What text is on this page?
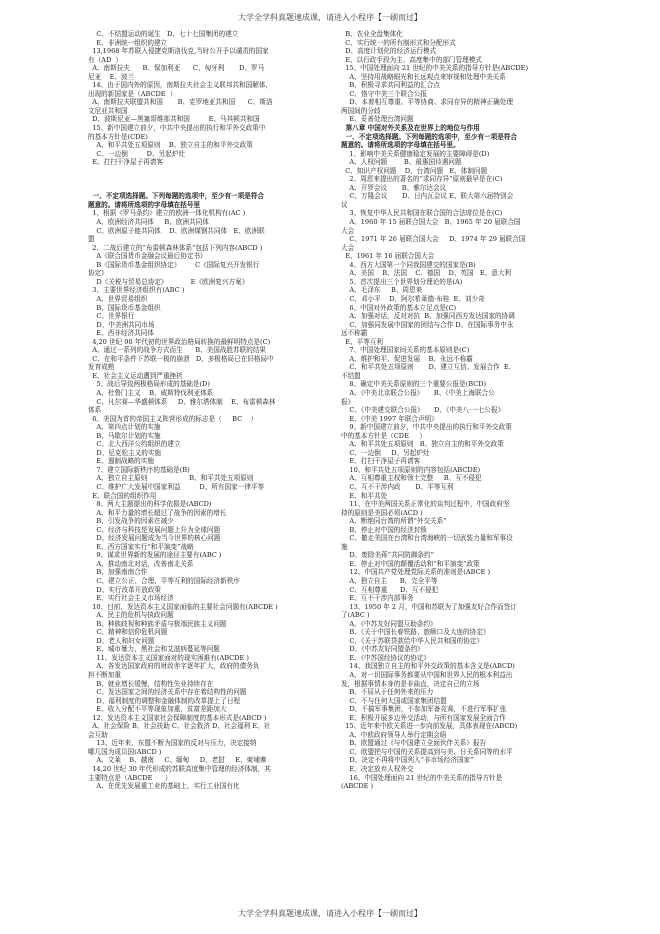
大学全学科真题速成课，请进入小程序【一刷而过】
C、不结盟运动的诞生   D、七十七国集团的建立
E、非洲统一组织的建立
13,1968 年苏联入侵捷克斯洛伐克,当时公开予以谴责的国家
有（AD  ）
A、南斯拉夫      B、保加利亚      C、匈牙利       D、罗马
尼亚    E、波兰
14、由于国内外的原因，南斯拉夫社会主义联邦共和国解体，
出现的新国家是（ABCDE  ）
A、南斯拉夫联盟共和国       B、克罗地亚共和国      C、斯洛
文尼亚共和国
D、波斯尼亚—黑塞哥维那共和国         E、马其顿共和国
15、新中国建立前夕，中共中央提出的执行和平外交政策中
的基本方针是(CDE)
A、和平共处五项原则    B、独立自主的和平外交政策
C、一边倒         D、另起炉灶
E、打扫干净屋子再请客
一、不定项选择题。下列每题的选项中，至少有一项是符合
题意的。请将所选项的字母填在括号里
1、根据《罗马条约》建立的欧洲一体化机构有(AC )
A、欧洲经济共同体     B、欧洲共同体
C、欧洲原子能共同体    D、欧洲煤钢共同体   E、欧洲联
盟
2、二战后建立的“布雷顿森林体系”包括下列内容(ABCD )
A《联合国货币金融会议最后协定书》
B《国际货币基金组织协定》       C《国际复兴开发银行
协定》
D《关税与贸易总协定》           E《欧洲复兴方案》
3、主要世界经济组织有(ABC )
A、世界贸易组织
B、国际货币基金组织
C、世界银行
D、中美洲共同市场
E、西非经济共同体
4,20 世纪 90 年代初的世界政治格局转换的最鲜明特点是(C)
A、通过一系列的战争方式而生      B、美国战胜苏联的结果
C、在和平条件下苏联一极的崩溃   D、多极格局已在旧格局中
发育成熟
E、社会主义运动遭到严重挫折
5、战后导致两极格局形成的基础是(D)
A、杜鲁门主义    B、威斯特伐利亚体系
C、凡尔赛—华盛顿体系     D、雅尔塔体制    E、布雷顿森林
体系
6、美国为首的帝国主义阵营形成的标志是（     BC    ）
A、第四点计划的实施
B、马歇尔计划的实施
C、北大西洋公约组织的建立
D、尼克松主义的实施
E、遏制战略的实施
7、建立国际新秩序的基础是(B)
A、独立自主原则                    B、和平共处五项原则
C、维护广大发展中国家利益         D、所有国家一律平等
E、联合国的组织作用
8、两大主题提出的科学依据是(ABCD)
A、和平力量的增长超过了战争的因素的增长
B、引发战争的因素在减少
C、经济与科技是发展问题上升为全球问题
D、经济发展问题成为当今世界的核心问题
E、西方国家实行“和平演变”战略
9、谋求世界新的发展的途径主要有(ABC )
A、推动南北对话，改善南北关系
B、加强南南合作
C、建立公正、合理、平等互利的国际经济新秩序
D、实行改革开放政策
E、实行社会主义市场经济
10、目前，发达资本主义国家面临的主要社会问题有(ABCDE )
A、民主的危机与执政问题
B、种族歧视和种族矛盾与极端民族主义问题
C、精神和信仰危机问题
D、老人和妇女问题
E、城市暴力、黑社会和艾滋病蔓延等问题
11、发达资本主义国家面对的现实困难有(ABCDE )
A、各发达国家政府的财政赤字逐年扩大，政府的债务负
担不断加重
B、就业增长缓慢，结构性失业持续存在
C、发达国家之间的经济关系中存在着结构性的问题
D、福利制度的调整和金融体制的改革提上了日程
E、收入分配不平等现象加重，贫富差距加大
12、发达资本主义国家社会保障制度的基本形式是(ABCD )
A、社会保险 B、社会扶助 C、社会救济 D、社会福利 E、社
会互助
13、近年来，东盟不断为国家的反对与压力，决定接纳
哪几国为成员国(ABCD )
A、文莱    B、越南     C、缅甸     D、老挝     E、柬埔寨
14,20 世纪 30 年代形成的苏联高度集中管理的经济体制，其
主要特点是（ABCDE      ）
A、在优先发展重工业的基础上，实行工业国有化
B、农业全盘集体化
C、实行统一的所有制形式和分配形式
D、高度计划化的经济运行模式
E、以行政手段为主、高度集中的部门管理模式
15、中国处理面向 21 世纪的中美关系的指导方针是(ABCDE)
A、坚持用战略眼光和长远观点来审视和处理中美关系
B、积极寻求共同利益的汇合点
C、恪守中美三个联合公报
D、本着相互尊重、平等协商、求同存异的精神正确处理
两国间的分歧
E、妥善处理台湾问题
第八章 中国对外关系及在世界上的地位与作用
一、不定项选择题。下列每题的选项中，至少有一项是符合
题意的。请将所选项的字母填在括号里。
1、影响中美关系健康稳定发展的主要障碍是(D)
A、人权问题        B、最惠国待遇问题
C、知识产权问题    D、台湾问题   E、体制问题
2、周恩来提出的著名的“求同存异”原则最早是在(C)
A、开罗会议       B、雅尔达会议
C、万隆会议       D、日内瓦会议 E、联大第六届特别会
议
3、恢复中华人民共和国在联合国的合法席位是在(C)
A、1960 年 15 届联合国大会   B、1965 年 20 届联合国
大会
C、1971 年 26 届联合国大会     D、1974 年 29 届联合国
大会
E、1961 年 16 届联合国大会
4、西方大国第一个同我国建交的国家是(B)
A、美国    B、法国    C、德国    D、英国   E、意大利
5、首次提出三个世界划分理论的是(A)
A、毛泽东     B、周恩来
C、邓小平    D、阿尔希莱德·布桂  E、刘少奇
6、中国对外政策的基本立足点是(C)
A、加强对话，反对对抗  B、加强同西方发达国家的协调
C、加强同发展中国家的团结与合作 D、在国际事务中永
远不称霸
E、平等互利
7、中国处理国家间关系的基本原则是(C)
A、维护和平、促进发展    B、永远不称霸
C、和平共处五项原则       D、建立互信、发展合作  E、
不结盟
8、确定中美关系原则的三个重要公报是(BCD)
A、《中美北京联合公报》     B、《中美上海联合公
报》
C、《中美建交联合公报》     D、《中美八·一七公报》
E、《中美 1997 年联合声明》
9、新中国建立前夕，中共中央提出的执行和平外交政策
中的基本方针是（CDE     ）
A、和平共处五项原则   B、独立自主的和平外交政策
C、一边倒     D、另起炉灶
E、打扫干净屋子再请客
10、和平共处五项原则的内容包括(ABCDE)
A、互相尊重主权和领土完整     B、互不侵犯
C、互不干涉内政       D、平等互利
E、和平共处
11、在中美两国关系正常化的谈判过程中，中国政府坚
持的原则是美国必须(ACD )
A、断绝同台湾的所谓“外交关系”
B、停止对中国的经济封锁
C、撤走美国在台湾和台湾海峡的一切武装力量和军事设
施
D、废除美蒋“共同防御条约”
E、停止对中国的颠覆活动和“和平演变”政策
12、中国共产党处理党际关系的准则是(ABCE )
A、独立自主      B、完全平等
C、互相尊重      D、互不侵犯
E、互不干涉内部事务
13、1950 年 2 月，中国和苏联为了加强友好合作而签订
了(ABC )
A、《中苏友好同盟互助条约》
B、《关于中国长春铁路、旅顺口及大连的协定》
C、《关于苏联贷款给中华人民共和国的协定》
D、《中苏友好同盟条约》
E、《中苏国经协议的协定》
14、我国独立自主的和平外交政策的基本含义是(ABCD)
A、对一切国际事务都要从中国和世界人民的根本利益出
发，根据事情本身的是非曲直，决定自己的立场
B、不屈从于任何外来的压力
C、不与任何大国或国家集团结盟
D、不搞军事集团，不参加军备竞赛，不进行军事扩张
E、积极开展多边外交活动，与所有国家发展全面合作
15、近年来中欧关系进一步向前发展，具体表现在(ABCD)
A、中欧政府领导人举行定期会晤
B、欧盟通过《与中国建立全面伙伴关系》报告
C、欧盟把与中国的关系提高到与美、日关系同等的水平
D、决定不再将中国列入“非市场经济国家”
E、决定放弃人权外交
16、中国处理面向 21 世纪的中美关系的指导方针是
(ABCDE )
大学全学科真题速成课，请进入小程序【一刷而过】
